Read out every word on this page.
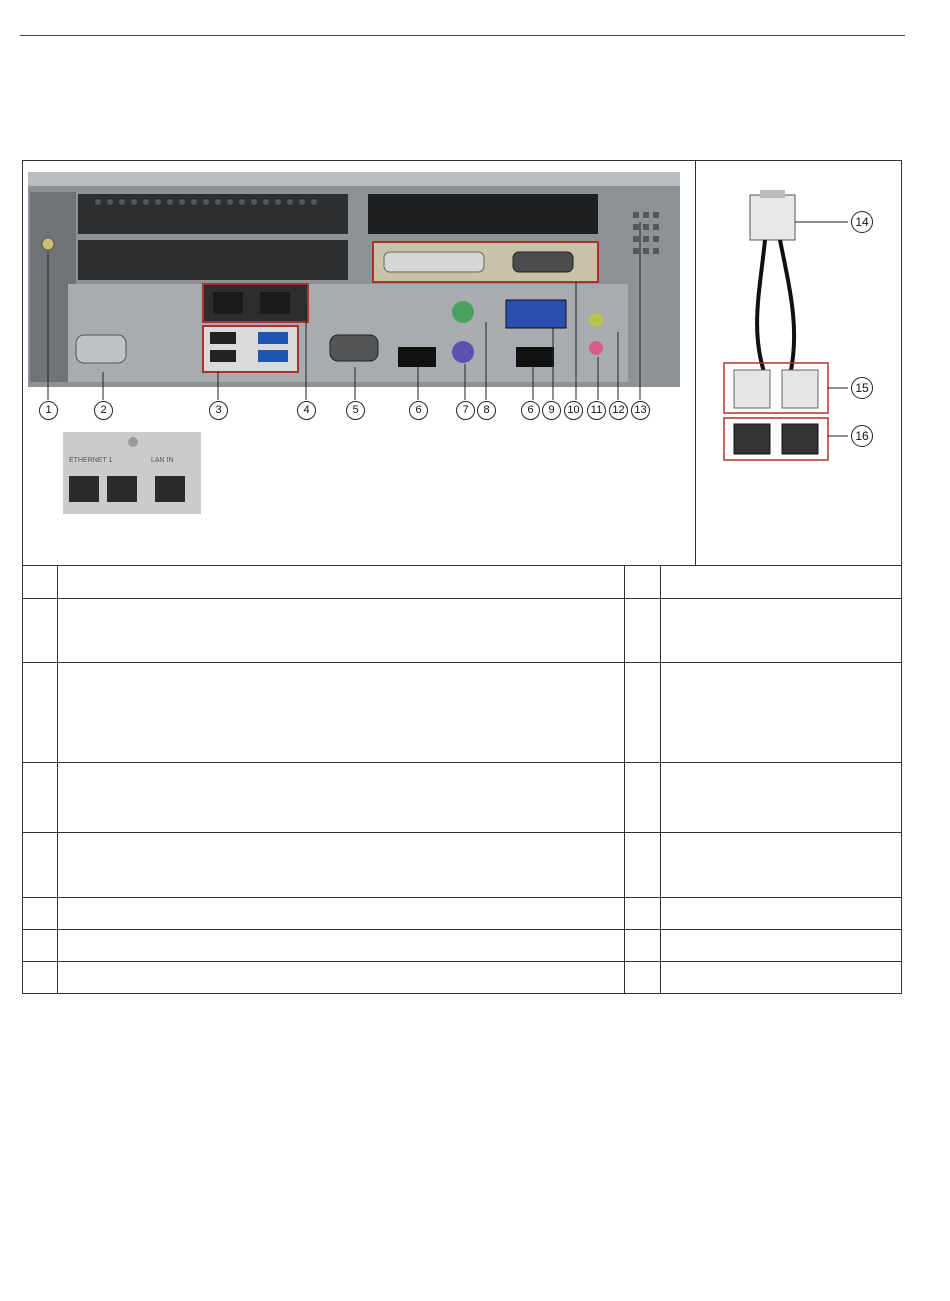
1	2	3	4	5	6	7	8	6	9	10	11 12 13
ETHERNET 1	LAN IN
14
15
16
